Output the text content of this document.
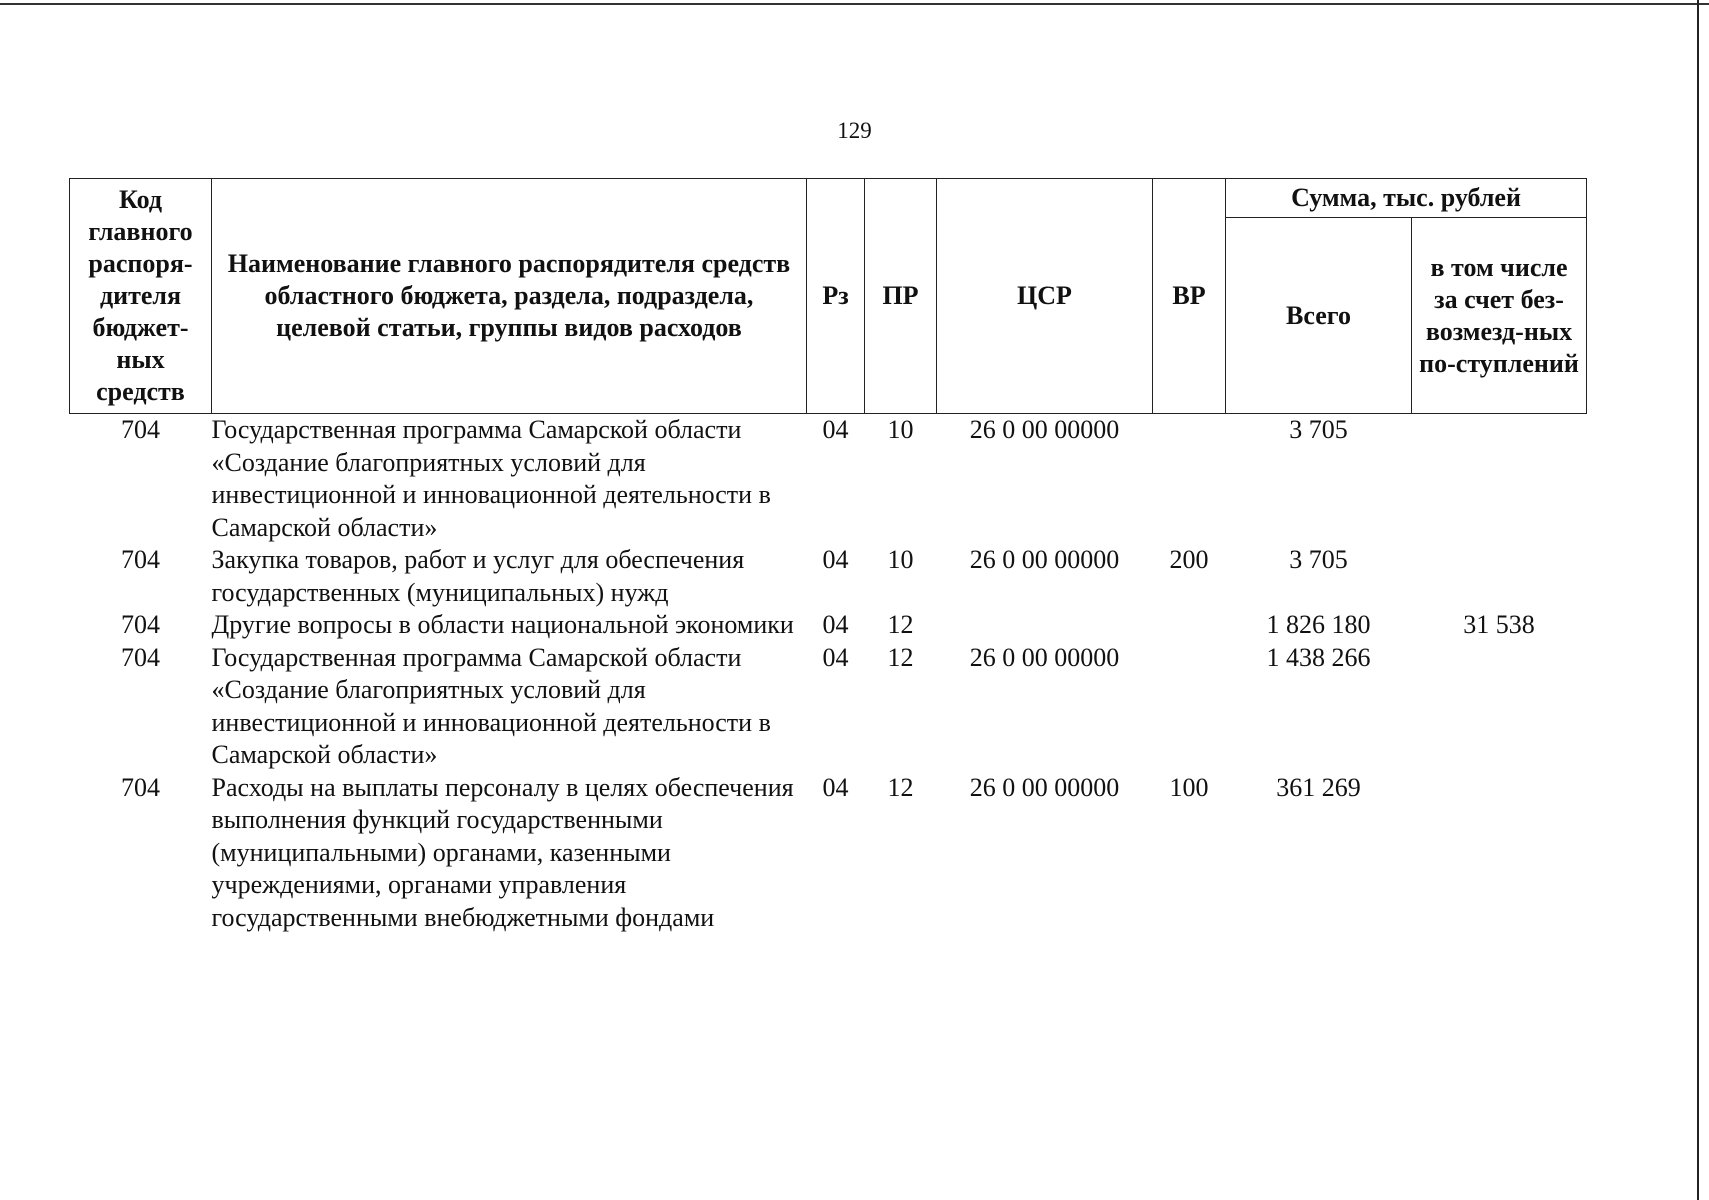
129
Код главного распоря-дителя бюджет-ных средств	Наименование главного распорядителя средств областного бюджета, раздела, подраздела, целевой статьи, группы видов расходов	Рз	ПР	ЦСР	ВР	Сумма, тыс. рублей	
						Всего	в том числе за счет без-возмезд-ных по-ступлений
704	Государственная программа Самарской области «Создание благоприятных условий для инвестиционной и инновационной деятельности в Самарской области»	04	10	26 0 00 00000		3 705	
704	Закупка товаров, работ и услуг для обеспечения государственных (муниципальных) нужд	04	10	26 0 00 00000	200	3 705	
704	Другие вопросы в области национальной экономики	04	12			1 826 180	31 538
704	Государственная программа Самарской области «Создание благоприятных условий для инвестиционной и инновационной деятельности в Самарской области»	04	12	26 0 00 00000		1 438 266	
704	Расходы на выплаты персоналу в целях обеспечения выполнения функций государственными (муниципальными) органами, казенными учреждениями, органами управления государственными внебюджетными фондами	04	12	26 0 00 00000	100	361 269	
